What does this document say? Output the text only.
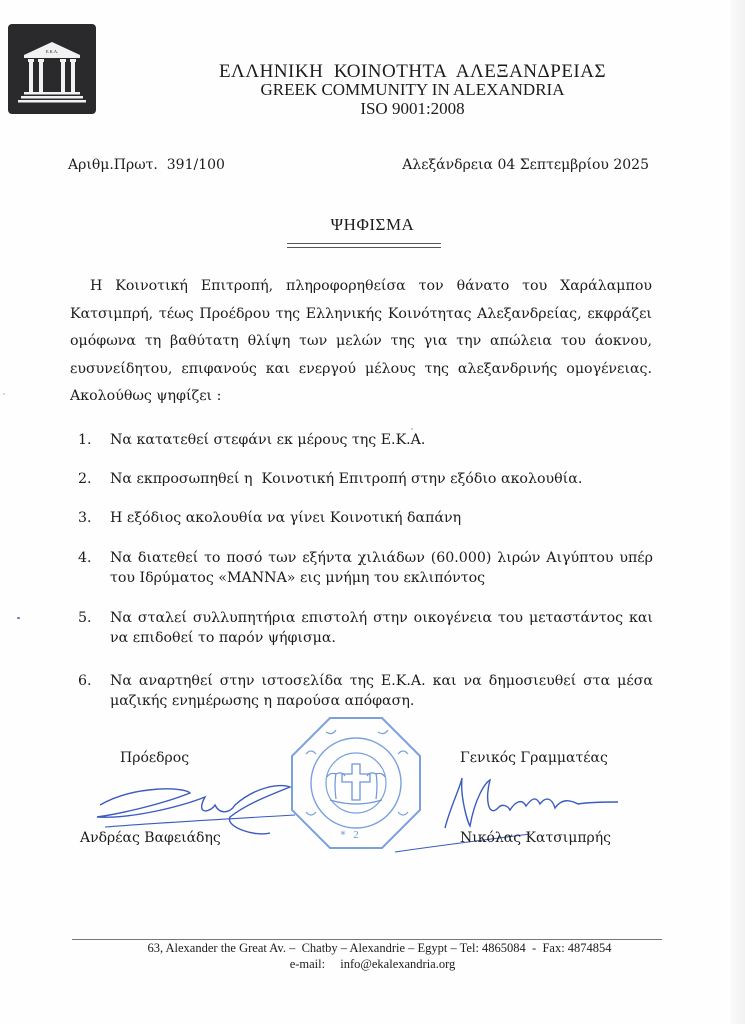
E.K.A.
ΕΛΛΗΝΙΚΗ  ΚΟΙΝΟΤΗΤΑ  ΑΛΕΞΑΝΔΡΕΙΑΣ
GREEK COMMUNITY IN ALEXANDRIA
ISO 9001:2008
Αριθμ.Πρωτ. 391/100	Αλεξάνδρεια 04 Σεπτεμβρίου 2025
ΨΗΦΙΣΜΑ

Η Κοινοτική Επιτροπή, πληροφορηθείσα τον θάνατο του Χαράλαμπου Κατσιμπρή, τέως Προέδρου της Ελληνικής Κοινότητας Αλεξανδρείας, εκφράζει ομόφωνα τη βαθύτατη θλίψη των μελών της για την απώλεια του άοκνου, ευσυνείδητου, επιφανούς και ενεργού μέλους της αλεξανδρινής ομογένειας. Ακολούθως ψηφίζει :

1.	Να κατατεθεί στεφάνι εκ μέρους της Ε.Κ.Α.
2.	Να εκπροσωπηθεί η  Κοινοτική Επιτροπή στην εξόδιο ακολουθία.
3.	Η εξόδιος ακολουθία να γίνει Κοινοτική δαπάνη
4.	Να διατεθεί το ποσό των εξήντα χιλιάδων (60.000) λιρών Αιγύπτου υπέρ του Ιδρύματος «MANNA» εις μνήμη του εκλιπόντος
5.	Να σταλεί συλλυπητήρια επιστολή στην οικογένεια του μεταστάντος και να επιδοθεί το παρόν ψήφισμα.
6.	Να αναρτηθεί στην ιστοσελίδα της Ε.Κ.Α. και να δημοσιευθεί στα μέσα μαζικής ενημέρωσης η παρούσα απόφαση.
2
*
Πρόεδρος	Γενικός Γραμματέας
Ανδρέας Βαφειάδης	Νικόλας Κατσιμπρής
63, Alexander the Great Av. –  Chatby – Alexandrie – Egypt – Tel: 4865084  -  Fax: 4874854
e-mail: info@ekalexandria.org
